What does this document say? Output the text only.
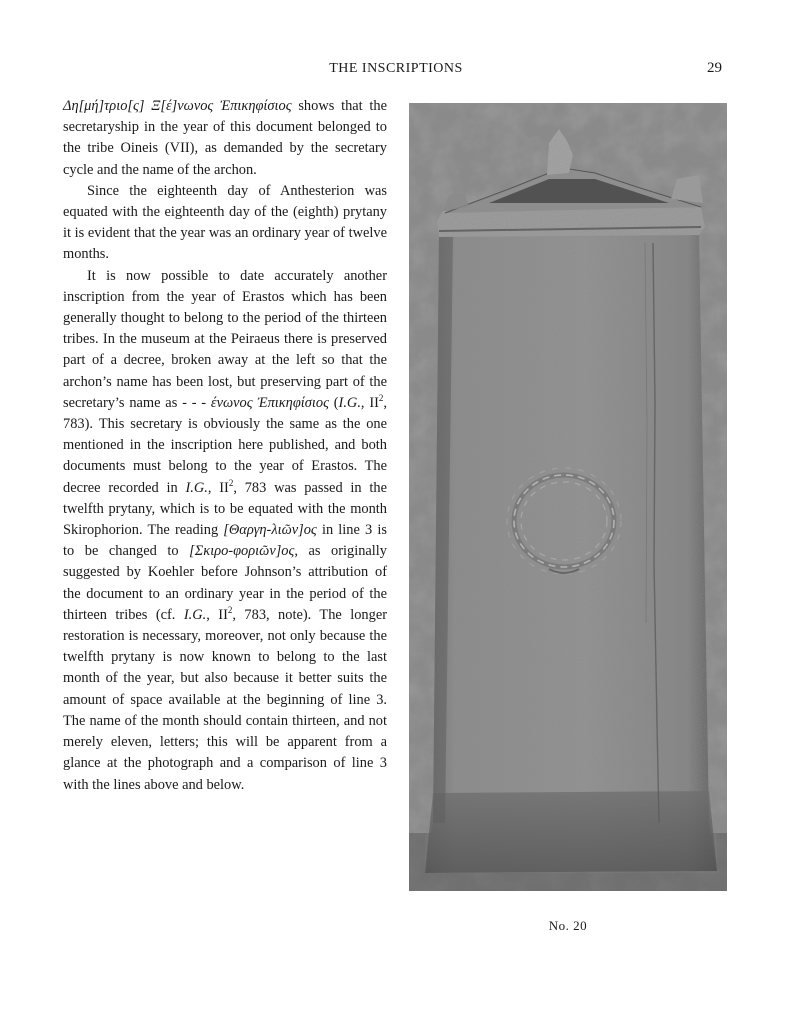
THE INSCRIPTIONS	29

Δη[μή]τριο[ς] Ξ[έ]νωνος Ἐπικηφίσιος shows that the secretaryship in the year of this document belonged to the tribe Oineis (VII), as demanded by the secretary cycle and the name of the archon.

Since the eighteenth day of Anthesterion was equated with the eighteenth day of the (eighth) prytany it is evident that the year was an ordinary year of twelve months.

It is now possible to date accurately another inscription from the year of Erastos which has been generally thought to belong to the period of the thirteen tribes. In the museum at the Peiraeus there is preserved part of a decree, broken away at the left so that the archon’s name has been lost, but preserving part of the secretary’s name as - - - ένωνος Ἐπικηφίσιος (I.G., $II^2$, 783). This secretary is obviously the same as the one mentioned in the inscription here published, and both documents must belong to the year of Erastos. The decree recorded in I.G., $II^2$, 783 was passed in the twelfth prytany, which is to be equated with the month Skirophorion. The reading [Θαργη-λιῶν]ος in line 3 is to be changed to [Σκιρο-φοριῶν]ος, as originally suggested by Koehler before Johnson’s attribution of the document to an ordinary year in the period of the thirteen tribes (cf. I.G., $II^2$, 783, note). The longer restoration is necessary, moreover, not only because the twelfth prytany is now known to belong to the last month of the year, but also because it better suits the amount of space available at the beginning of line 3. The name of the month should contain thirteen, and not merely eleven, letters; this will be apparent from a glance at the photograph and a comparison of line 3 with the lines above and below.

No. 20
